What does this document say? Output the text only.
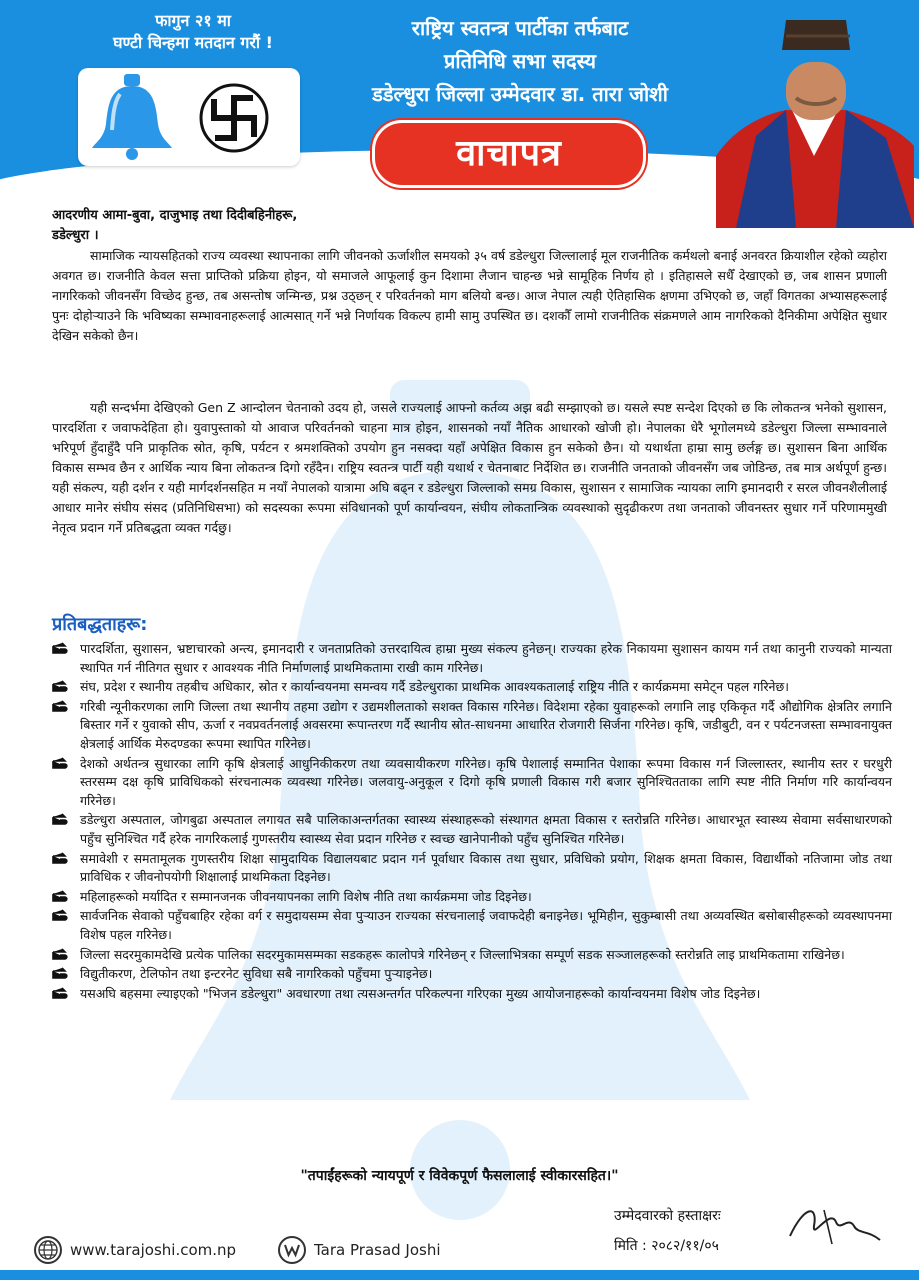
फागुन २१ मा
घण्टी चिन्हमा मतदान गरौं !
राष्ट्रिय स्वतन्त्र पार्टीका तर्फबाट
प्रतिनिधि सभा सदस्य
डडेल्धुरा जिल्ला उम्मेदवार डा. तारा जोशी
वाचापत्र
आदरणीय आमा-बुवा, दाजुभाइ तथा दिदीबहिनीहरू,
डडेल्धुरा ।

सामाजिक न्यायसहितको राज्य व्यवस्था स्थापनाका लागि जीवनको ऊर्जाशील समयको ३५ वर्ष डडेल्धुरा जिल्लालाई मूल राजनीतिक कर्मथलो बनाई अनवरत क्रियाशील रहेको व्यहोरा अवगत छ। राजनीति केवल सत्ता प्राप्तिको प्रक्रिया होइन, यो समाजले आफूलाई कुन दिशामा लैजान चाहन्छ भन्ने सामूहिक निर्णय हो । इतिहासले सधैँ देखाएको छ, जब शासन प्रणाली नागरिकको जीवनसँग विच्छेद हुन्छ, तब असन्तोष जन्मिन्छ, प्रश्न उठ्छन् र परिवर्तनको माग बलियो बन्छ। आज नेपाल त्यही ऐतिहासिक क्षणमा उभिएको छ, जहाँ विगतका अभ्यासहरूलाई पुनः दोहोऱ्याउने कि भविष्यका सम्भावनाहरूलाई आत्मसात् गर्ने भन्ने निर्णायक विकल्प हामी सामु उपस्थित छ। दशकौँ लामो राजनीतिक संक्रमणले आम नागरिकको दैनिकीमा अपेक्षित सुधार देखिन सकेको छैन।

यही सन्दर्भमा देखिएको Gen Z आन्दोलन चेतनाको उदय हो, जसले राज्यलाई आफ्नो कर्तव्य अझ बढी सम्झाएको छ। यसले स्पष्ट सन्देश दिएको छ कि लोकतन्त्र भनेको सुशासन, पारदर्शिता र जवाफदेहिता हो। युवापुस्ताको यो आवाज परिवर्तनको चाहना मात्र होइन, शासनको नयाँ नैतिक आधारको खोजी हो। नेपालका धेरै भूगोलमध्ये डडेल्धुरा जिल्ला सम्भावनाले भरिपूर्ण हुँदाहुँदै पनि प्राकृतिक स्रोत, कृषि, पर्यटन र श्रमशक्तिको उपयोग हुन नसक्दा यहाँ अपेक्षित विकास हुन सकेको छैन। यो यथार्थता हाम्रा सामु छर्लङ्ग छ। सुशासन बिना आर्थिक विकास सम्भव छैन र आर्थिक न्याय बिना लोकतन्त्र दिगो रहँदैन। राष्ट्रिय स्वतन्त्र पार्टी यही यथार्थ र चेतनाबाट निर्देशित छ। राजनीति जनताको जीवनसँग जब जोडिन्छ, तब मात्र अर्थपूर्ण हुन्छ। यही संकल्प, यही दर्शन र यही मार्गदर्शनसहित म नयाँ नेपालको यात्रामा अघि बढ्न र डडेल्धुरा जिल्लाको समग्र विकास, सुशासन र सामाजिक न्यायका लागि इमानदारी र सरल जीवनशैलीलाई आधार मानेर संघीय संसद (प्रतिनिधिसभा) को सदस्यका रूपमा संविधानको पूर्ण कार्यान्वयन, संघीय लोकतान्त्रिक व्यवस्थाको सुदृढीकरण तथा जनताको जीवनस्तर सुधार गर्ने परिणाममुखी नेतृत्व प्रदान गर्ने प्रतिबद्धता व्यक्त गर्दछु।

प्रतिबद्धताहरू:
पारदर्शिता, सुशासन, भ्रष्टाचारको अन्त्य, इमानदारी र जनताप्रतिको उत्तरदायित्व हाम्रा मुख्य संकल्प हुनेछन्। राज्यका हरेक निकायमा सुशासन कायम गर्न तथा कानुनी राज्यको मान्यता स्थापित गर्न नीतिगत सुधार र आवश्यक नीति निर्माणलाई प्राथमिकतामा राखी काम गरिनेछ।
संघ, प्रदेश र स्थानीय तहबीच अधिकार, स्रोत र कार्यान्वयनमा समन्वय गर्दै डडेल्धुराका प्राथमिक आवश्यकतालाई राष्ट्रिय नीति र कार्यक्रममा समेट्न पहल गरिनेछ।
गरिबी न्यूनीकरणका लागि जिल्ला तथा स्थानीय तहमा उद्योग र उद्यमशीलताको सशक्त विकास गरिनेछ। विदेशमा रहेका युवाहरूको लगानि लाइ एकिकृत गर्दै औद्योगिक क्षेत्रतिर लगानि बिस्तार गर्ने र युवाको सीप, ऊर्जा र नवप्रवर्तनलाई अवसरमा रूपान्तरण गर्दै स्थानीय स्रोत-साधनमा आधारित रोजगारी सिर्जना गरिनेछ। कृषि, जडीबुटी, वन र पर्यटनजस्ता सम्भावनायुक्त क्षेत्रलाई आर्थिक मेरुदण्डका रूपमा स्थापित गरिनेछ।
देशको अर्थतन्त्र सुधारका लागि कृषि क्षेत्रलाई आधुनिकीकरण तथा व्यवसायीकरण गरिनेछ। कृषि पेशालाई सम्मानित पेशाका रूपमा विकास गर्न जिल्लास्तर, स्थानीय स्तर र घरधुरी स्तरसम्म दक्ष कृषि प्राविधिकको संरचनात्मक व्यवस्था गरिनेछ। जलवायु-अनुकूल र दिगो कृषि प्रणाली विकास गरी बजार सुनिश्चितताका लागि स्पष्ट नीति निर्माण गरि कार्यान्वयन गरिनेछ।
डडेल्धुरा अस्पताल, जोगबुढा अस्पताल लगायत सबै पालिकाअन्तर्गतका स्वास्थ्य संस्थाहरूको संस्थागत क्षमता विकास र स्तरोन्नति गरिनेछ। आधारभूत स्वास्थ्य सेवामा सर्वसाधारणको पहुँच सुनिश्चित गर्दै हरेक नागरिकलाई गुणस्तरीय स्वास्थ्य सेवा प्रदान गरिनेछ र स्वच्छ खानेपानीको पहुँच सुनिश्चित गरिनेछ।
समावेशी र समतामूलक गुणस्तरीय शिक्षा सामुदायिक विद्यालयबाट प्रदान गर्न पूर्वाधार विकास तथा सुधार, प्रविधिको प्रयोग, शिक्षक क्षमता विकास, विद्यार्थीको नतिजामा जोड तथा प्राविधिक र जीवनोपयोगी शिक्षालाई प्राथमिकता दिइनेछ।
महिलाहरूको मर्यादित र सम्मानजनक जीवनयापनका लागि विशेष नीति तथा कार्यक्रममा जोड दिइनेछ।
सार्वजनिक सेवाको पहुँचबाहिर रहेका वर्ग र समुदायसम्म सेवा पुऱ्याउन राज्यका संरचनालाई जवाफदेही बनाइनेछ। भूमिहीन, सुकुम्बासी तथा अव्यवस्थित बसोबासीहरूको व्यवस्थापनमा विशेष पहल गरिनेछ।
जिल्ला सदरमुकामदेखि प्रत्येक पालिका सदरमुकामसम्मका सडकहरू कालोपत्रे गरिनेछन् र जिल्लाभित्रका सम्पूर्ण सडक सञ्जालहरूको स्तरोन्नति लाइ प्राथमिकतामा राखिनेछ।
विद्युतीकरण, टेलिफोन तथा इन्टरनेट सुविधा सबै नागरिकको पहुँचमा पुऱ्याइनेछ।
यसअघि बहसमा ल्याइएको "भिजन डडेल्धुरा" अवधारणा तथा त्यसअन्तर्गत परिकल्पना गरिएका मुख्य आयोजनाहरूको कार्यान्वयनमा विशेष जोड दिइनेछ।
"तपाईंहरूको न्यायपूर्ण र विवेकपूर्ण फैसलालाई स्वीकारसहित।"
उम्मेदवारको हस्ताक्षरः
मिति : २०८२/११/०५
www.tarajoshi.com.np	Tara Prasad Joshi
